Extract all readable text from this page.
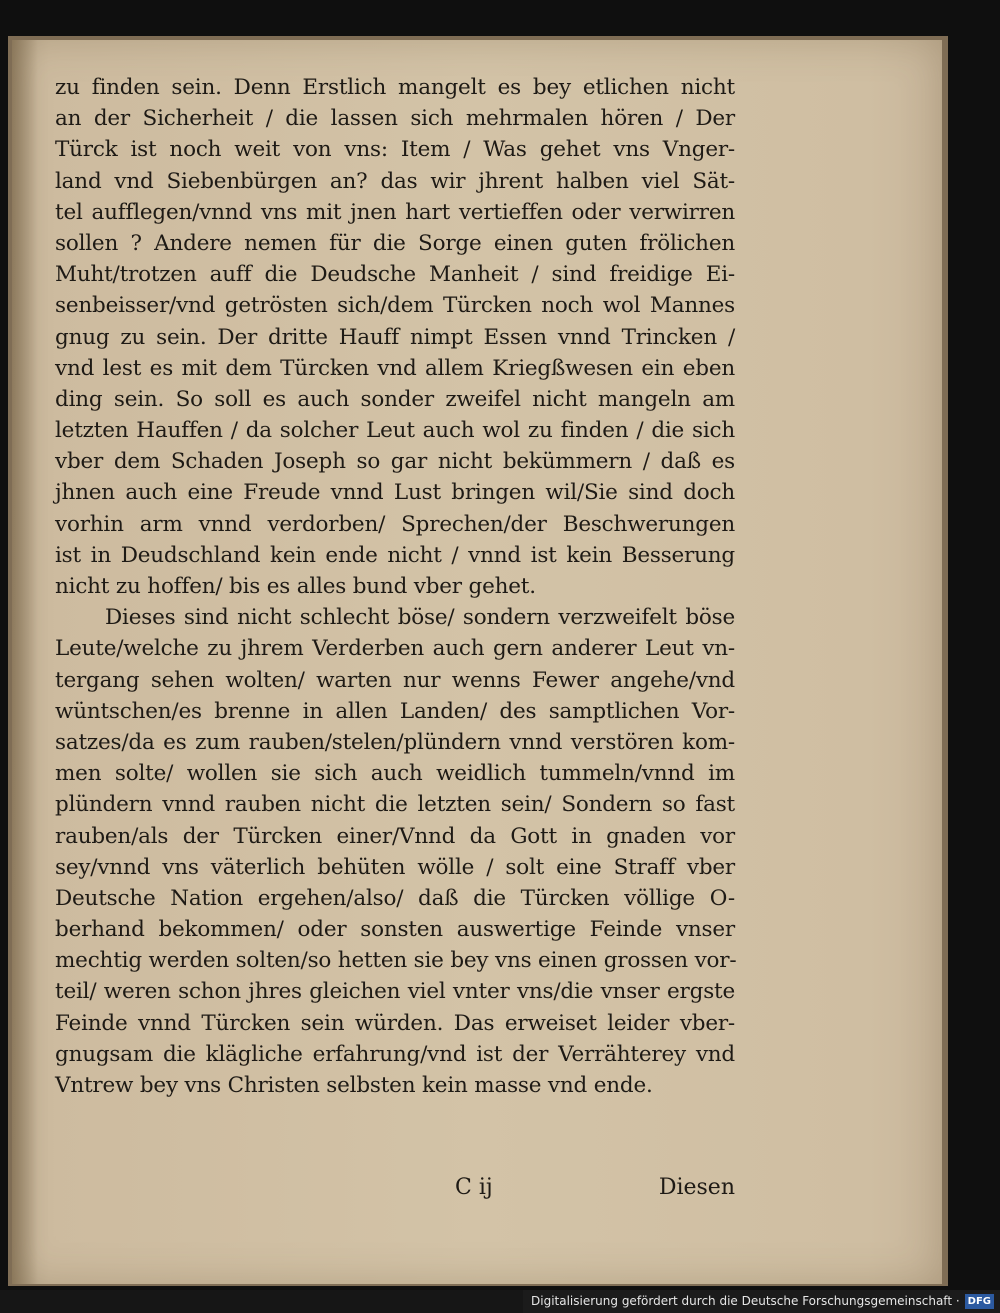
zu finden sein. Denn Erstlich mangelt es bey etlichen nicht
an der Sicherheit / die lassen sich mehrmalen hören / Der
Türck ist noch weit von vns: Item / Was gehet vns Vnger-
land vnd Siebenbürgen an? das wir jhrent halben viel Sät-
tel aufflegen/vnnd vns mit jnen hart vertieffen oder verwirren
sollen ? Andere nemen für die Sorge einen guten frölichen
Muht/trotzen auff die Deudsche Manheit / sind freidige Ei-
senbeisser/vnd getrösten sich/dem Türcken noch wol Mannes
gnug zu sein. Der dritte Hauff nimpt Essen vnnd Trincken /
vnd lest es mit dem Türcken vnd allem Kriegßwesen ein eben
ding sein. So soll es auch sonder zweifel nicht mangeln am
letzten Hauffen / da solcher Leut auch wol zu finden / die sich
vber dem Schaden Joseph so gar nicht bekümmern / daß es
jhnen auch eine Freude vnnd Lust bringen wil/Sie sind doch
vorhin arm vnnd verdorben/ Sprechen/der Beschwerungen
ist in Deudschland kein ende nicht / vnnd ist kein Besserung
nicht zu hoffen/ bis es alles bund vber gehet.
Dieses sind nicht schlecht böse/ sondern verzweifelt böse
Leute/welche zu jhrem Verderben auch gern anderer Leut vn-
tergang sehen wolten/ warten nur wenns Fewer angehe/vnd
wüntschen/es brenne in allen Landen/ des samptlichen Vor-
satzes/da es zum rauben/stelen/plündern vnnd verstören kom-
men solte/ wollen sie sich auch weidlich tummeln/vnnd im
plündern vnnd rauben nicht die letzten sein/ Sondern so fast
rauben/als der Türcken einer/Vnnd da Gott in gnaden vor
sey/vnnd vns väterlich behüten wölle / solt eine Straff vber
Deutsche Nation ergehen/also/ daß die Türcken völlige O-
berhand bekommen/ oder sonsten auswertige Feinde vnser
mechtig werden solten/so hetten sie bey vns einen grossen vor-
teil/ weren schon jhres gleichen viel vnter vns/die vnser ergste
Feinde vnnd Türcken sein würden. Das erweiset leider vber-
gnugsam die klägliche erfahrung/vnd ist der Verrähterey vnd
Vntrew bey vns Christen selbsten kein masse vnd ende.
C ij	Diesen
Digitalisierung gefördert durch die Deutsche Forschungsgemeinschaft · DFG
